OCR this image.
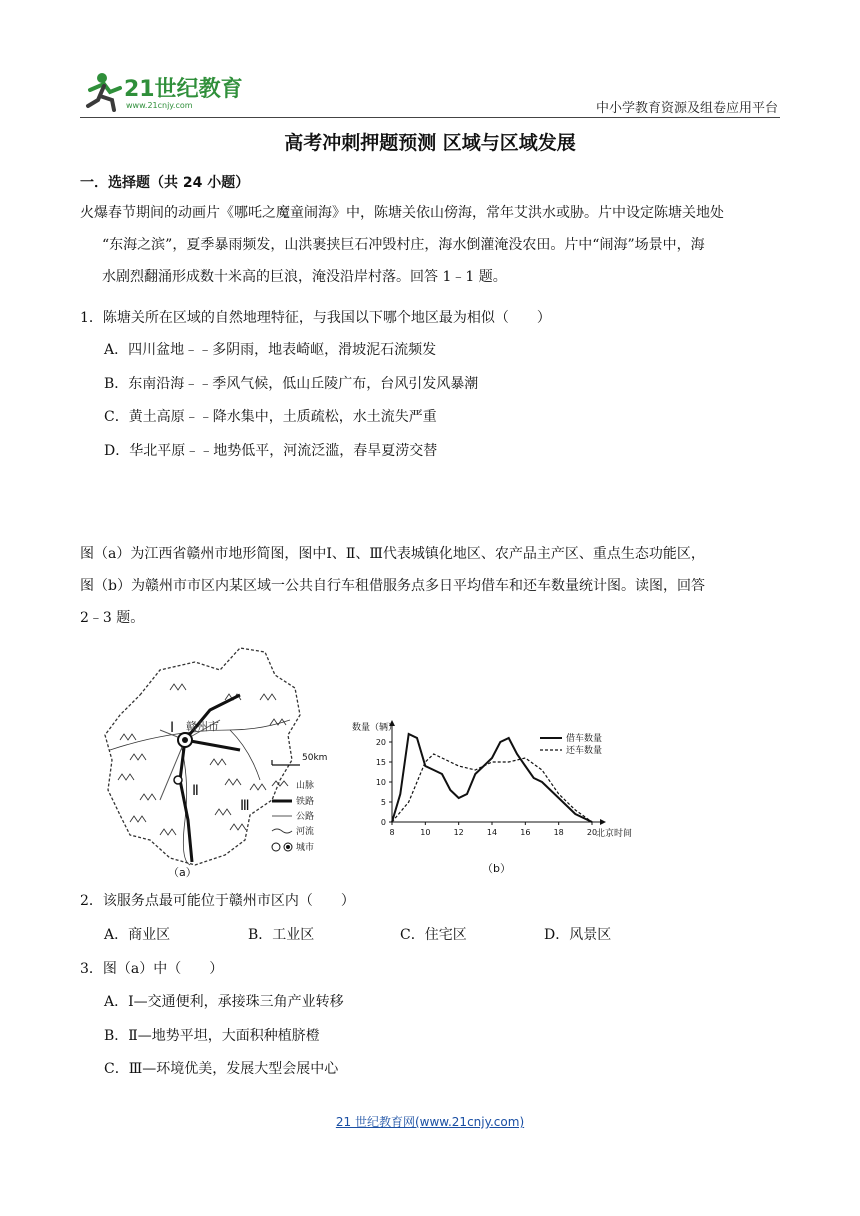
21世纪教育
www.21cnjy.com	中小学教育资源及组卷应用平台
高考冲刺押题预测 区域与区域发展
一．选择题（共 24 小题）
火爆春节期间的动画片《哪吒之魔童闹海》中，陈塘关依山傍海，常年艾洪水或胁。片中设定陈塘关地处
“东海之滨”，夏季暴雨频发，山洪裹挟巨石冲毁村庄，海水倒灌淹没农田。片中“闹海”场景中，海
水剧烈翻涌形成数十米高的巨浪，淹没沿岸村落。回答 1﹣1 题。
1．陈塘关所在区域的自然地理特征，与我国以下哪个地区最为相似（　　）
A．四川盆地﹣﹣多阴雨，地表崎岖，滑坡泥石流频发
B．东南沿海﹣﹣季风气候，低山丘陵广布，台风引发风暴潮
C．黄土高原﹣﹣降水集中，土质疏松，水土流失严重
D．华北平原﹣﹣地势低平，河流泛滥，春旱夏涝交替
图（a）为江西省赣州市地形简图，图中Ⅰ、Ⅱ、Ⅲ代表城镇化地区、农产品主产区、重点生态功能区，
图（b）为赣州市市区内某区域一公共自行车租借服务点多日平均借车和还车数量统计图。读图，回答
2﹣3 题。
赣州市
Ⅰ
Ⅱ
Ⅲ
50km
山脉
铁路
公路
河流
城市
（a）
数量（辆）
北京时间
0
5
10
15
20
8	10	12	14	16	18	20
借车数量
还车数量
（b）
2．该服务点最可能位于赣州市区内（　　）
A．商业区	B．工业区	C．住宅区	D．风景区
3．图（a）中（　　）
A．Ⅰ—交通便利，承接珠三角产业转移
B．Ⅱ—地势平坦，大面积种植脐橙
C．Ⅲ—环境优美，发展大型会展中心
21 世纪教育网(www.21cnjy.com)
